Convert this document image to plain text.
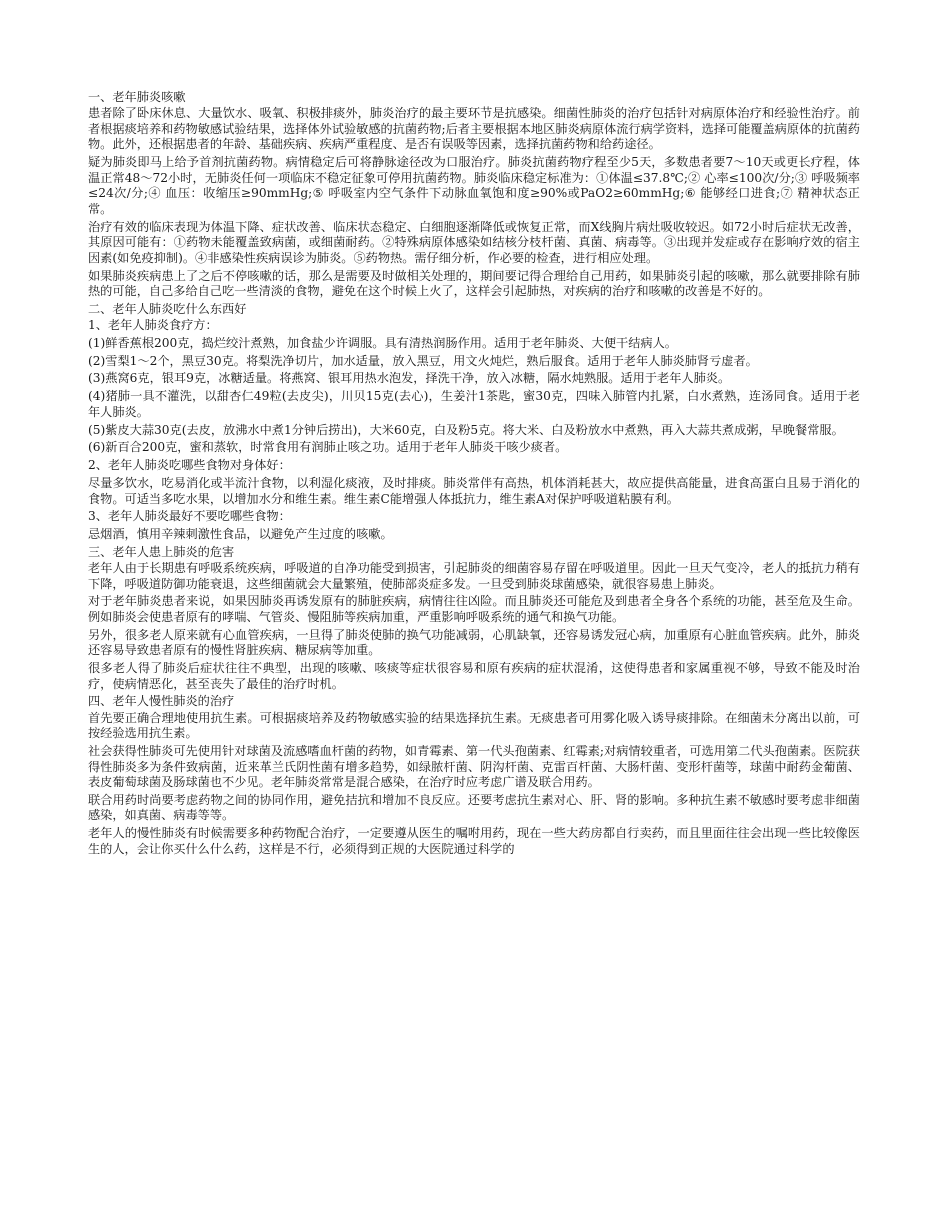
一、老年肺炎咳嗽

患者除了卧床休息、大量饮水、吸氧、积极排痰外，肺炎治疗的最主要环节是抗感染。细菌性肺炎的治疗包括针对病原体治疗和经验性治疗。前者根据痰培养和药物敏感试验结果，选择体外试验敏感的抗菌药物;后者主要根据本地区肺炎病原体流行病学资料，选择可能覆盖病原体的抗菌药物。此外，还根据患者的年龄、基础疾病、疾病严重程度、是否有误吸等因素，选择抗菌药物和给药途径。

疑为肺炎即马上给予首剂抗菌药物。病情稳定后可将静脉途径改为口服治疗。肺炎抗菌药物疗程至少5天，多数患者要7～10天或更长疗程，体温正常48～72小时，无肺炎任何一项临床不稳定征象可停用抗菌药物。肺炎临床稳定标准为：①体温≤37.8℃;② 心率≤100次/分;③ 呼吸频率≤24次/分;④ 血压：收缩压≥90mmHg;⑤ 呼吸室内空气条件下动脉血氧饱和度≥90%或PaO2≥60mmHg;⑥ 能够经口进食;⑦ 精神状态正常。

治疗有效的临床表现为体温下降、症状改善、临床状态稳定、白细胞逐渐降低或恢复正常，而X线胸片病灶吸收较迟。如72小时后症状无改善，其原因可能有：①药物未能覆盖致病菌，或细菌耐药。②特殊病原体感染如结核分枝杆菌、真菌、病毒等。③出现并发症或存在影响疗效的宿主因素(如免疫抑制)。④非感染性疾病误诊为肺炎。⑤药物热。需仔细分析，作必要的检查，进行相应处理。

如果肺炎疾病患上了之后不停咳嗽的话，那么是需要及时做相关处理的，期间要记得合理给自己用药，如果肺炎引起的咳嗽，那么就要排除有肺热的可能，自己多给自己吃一些清淡的食物，避免在这个时候上火了，这样会引起肺热，对疾病的治疗和咳嗽的改善是不好的。

二、老年人肺炎吃什么东西好

1、老年人肺炎食疗方：

(1)鲜香蕉根200克，捣烂绞汁煮熟，加食盐少许调服。具有清热润肠作用。适用于老年肺炎、大便干结病人。

(2)雪梨1～2个，黑豆30克。将梨洗净切片，加水适量，放入黑豆，用文火炖烂，熟后服食。适用于老年人肺炎肺肾亏虚者。

(3)燕窝6克，银耳9克，冰糖适量。将燕窝、银耳用热水泡发，择洗干净，放入冰糖，隔水炖熟服。适用于老年人肺炎。

(4)猪肺一具不灌洗，以甜杏仁49粒(去皮尖)，川贝15克(去心)，生姜汁1茶匙，蜜30克，四味入肺管内扎紧，白水煮熟，连汤同食。适用于老年人肺炎。

(5)紫皮大蒜30克(去皮，放沸水中煮1分钟后捞出)，大米60克，白及粉5克。将大米、白及粉放水中煮熟，再入大蒜共煮成粥，早晚餐常服。

(6)新百合200克，蜜和蒸软，时常食用有润肺止咳之功。适用于老年人肺炎干咳少痰者。

2、老年人肺炎吃哪些食物对身体好：

尽量多饮水，吃易消化或半流汁食物，以利湿化痰液，及时排痰。肺炎常伴有高热，机体消耗甚大，故应提供高能量，进食高蛋白且易于消化的食物。可适当多吃水果，以增加水分和维生素。维生素C能增强人体抵抗力，维生素A对保护呼吸道粘膜有利。

3、老年人肺炎最好不要吃哪些食物：

忌烟酒，慎用辛辣刺激性食品，以避免产生过度的咳嗽。

三、老年人患上肺炎的危害

老年人由于长期患有呼吸系统疾病，呼吸道的自净功能受到损害，引起肺炎的细菌容易存留在呼吸道里。因此一旦天气变冷，老人的抵抗力稍有下降，呼吸道防御功能衰退，这些细菌就会大量繁殖，使肺部炎症多发。一旦受到肺炎球菌感染，就很容易患上肺炎。

对于老年肺炎患者来说，如果因肺炎再诱发原有的肺脏疾病，病情往往凶险。而且肺炎还可能危及到患者全身各个系统的功能，甚至危及生命。例如肺炎会使患者原有的哮喘、气管炎、慢阻肺等疾病加重，严重影响呼吸系统的通气和换气功能。

另外，很多老人原来就有心血管疾病，一旦得了肺炎使肺的换气功能减弱，心肌缺氧，还容易诱发冠心病，加重原有心脏血管疾病。此外，肺炎还容易导致患者原有的慢性肾脏疾病、糖尿病等加重。

很多老人得了肺炎后症状往往不典型，出现的咳嗽、咳痰等症状很容易和原有疾病的症状混淆，这使得患者和家属重视不够，导致不能及时治疗，使病情恶化，甚至丧失了最佳的治疗时机。

四、老年人慢性肺炎的治疗

首先要正确合理地使用抗生素。可根据痰培养及药物敏感实验的结果选择抗生素。无痰患者可用雾化吸入诱导痰排除。在细菌未分离出以前，可按经验选用抗生素。

社会获得性肺炎可先使用针对球菌及流感嗜血杆菌的药物，如青霉素、第一代头孢菌素、红霉素;对病情较重者，可选用第二代头孢菌素。医院获得性肺炎多为条件致病菌，近来革兰氏阴性菌有增多趋势，如绿脓杆菌、阴沟杆菌、克雷百杆菌、大肠杆菌、变形杆菌等，球菌中耐药金葡菌、表皮葡萄球菌及肠球菌也不少见。老年肺炎常常是混合感染，在治疗时应考虑广谱及联合用药。

联合用药时尚要考虑药物之间的协同作用，避免拮抗和增加不良反应。还要考虑抗生素对心、肝、肾的影响。多种抗生素不敏感时要考虑非细菌感染，如真菌、病毒等等。

老年人的慢性肺炎有时候需要多种药物配合治疗，一定要遵从医生的嘱咐用药，现在一些大药房都自行卖药，而且里面往往会出现一些比较像医生的人，会让你买什么什么药，这样是不行，必须得到正规的大医院通过科学的
